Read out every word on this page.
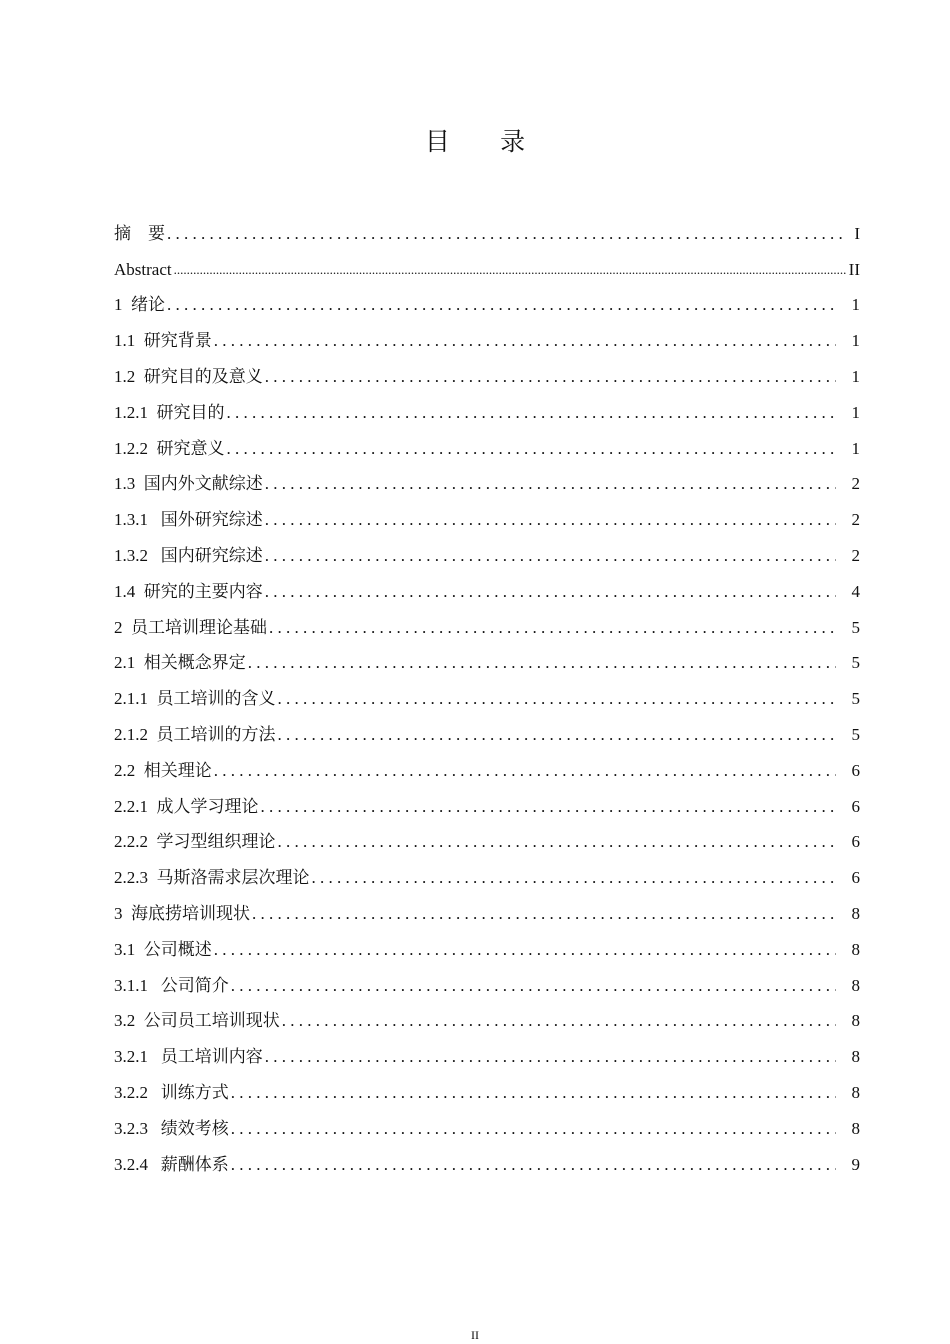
目 录
摘    要 . . .	I
Abstract .....	II
1  绪论 . . .	1
1.1  研究背景 . . .	1
1.2  研究目的及意义 . . .	1
1.2.1  研究目的 . . .	1
1.2.2  研究意义 . . .	1
1.3  国内外文献综述 . . .	2
1.3.1   国外研究综述 . . .	2
1.3.2   国内研究综述 . . .	2
1.4  研究的主要内容 . . .	4
2  员工培训理论基础 . . .	5
2.1  相关概念界定 . . .	5
2.1.1  员工培训的含义 . . .	5
2.1.2  员工培训的方法 . . .	5
2.2  相关理论 . . .	6
2.2.1  成人学习理论 . . .	6
2.2.2  学习型组织理论 . . .	6
2.2.3  马斯洛需求层次理论 . . .	6
3  海底捞培训现状 . . .	8
3.1  公司概述 . . .	8
3.1.1   公司简介 . . .	8
3.2  公司员工培训现状 . . .	8
3.2.1   员工培训内容 . . .	8
3.2.2   训练方式 . . .	8
3.2.3   绩效考核 . . .	8
3.2.4   薪酬体系 . . .	9
II
